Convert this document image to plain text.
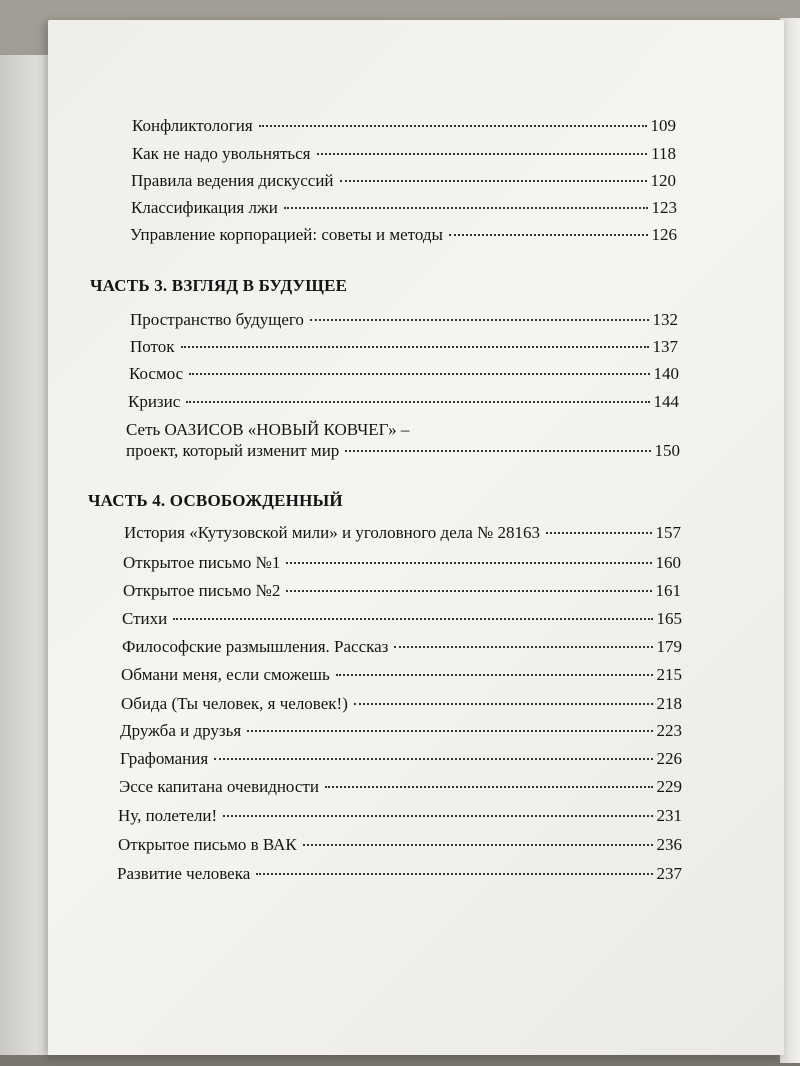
Конфликтология	109
Как не надо увольняться	118
Правила ведения дискуссий	120
Классификация лжи	123
Управление корпорацией: советы и методы	126
ЧАСТЬ 3. ВЗГЛЯД В БУДУЩЕЕ
Пространство будущего	132
Поток	137
Космос	140
Кризис	144
Сеть ОАЗИСОВ «НОВЫЙ КОВЧЕГ» –
проект, который изменит мир	150
ЧАСТЬ 4. ОСВОБОЖДЕННЫЙ
История «Кутузовской мили» и уголовного дела № 28163	157
Открытое письмо №1	160
Открытое письмо №2	161
Стихи	165
Философские размышления. Рассказ	179
Обмани меня, если сможешь	215
Обида (Ты человек, я человек!)	218
Дружба и друзья	223
Графомания	226
Эссе капитана очевидности	229
Ну, полетели!	231
Открытое письмо в ВАК	236
Развитие человека	237
